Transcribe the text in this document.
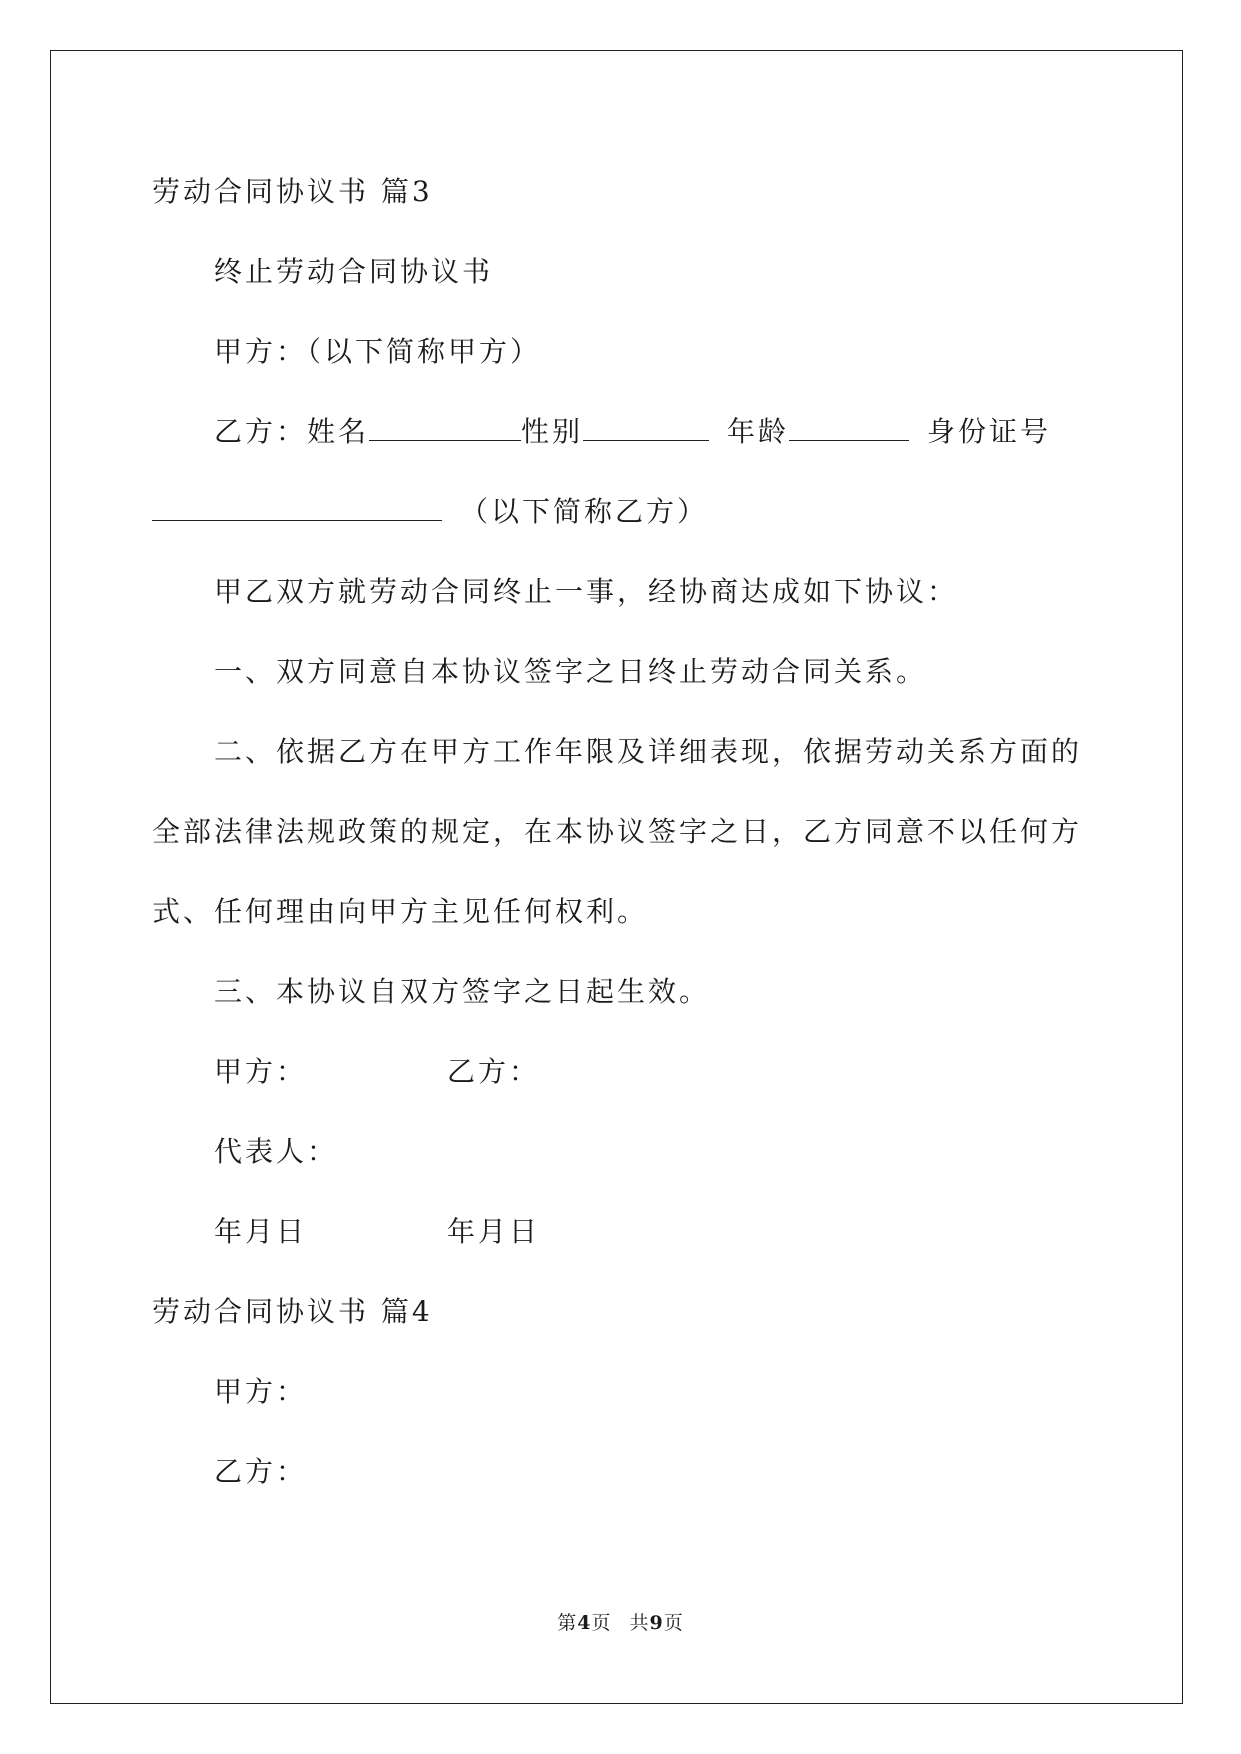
劳动合同协议书 篇3
终止劳动合同协议书
甲方：（以下简称甲方）
乙方：姓名	性别	年龄	身份证号
（以下简称乙方）
甲乙双方就劳动合同终止一事，经协商达成如下协议：
一、双方同意自本协议签字之日终止劳动合同关系。
二、依据乙方在甲方工作年限及详细表现，依据劳动关系方面的
全部法律法规政策的规定，在本协议签字之日，乙方同意不以任何方
式、任何理由向甲方主见任何权利。
三、本协议自双方签字之日起生效。
甲方：	乙方：
代表人：
年月日	年月日
劳动合同协议书 篇4
甲方：
乙方：
第4页 共9页
